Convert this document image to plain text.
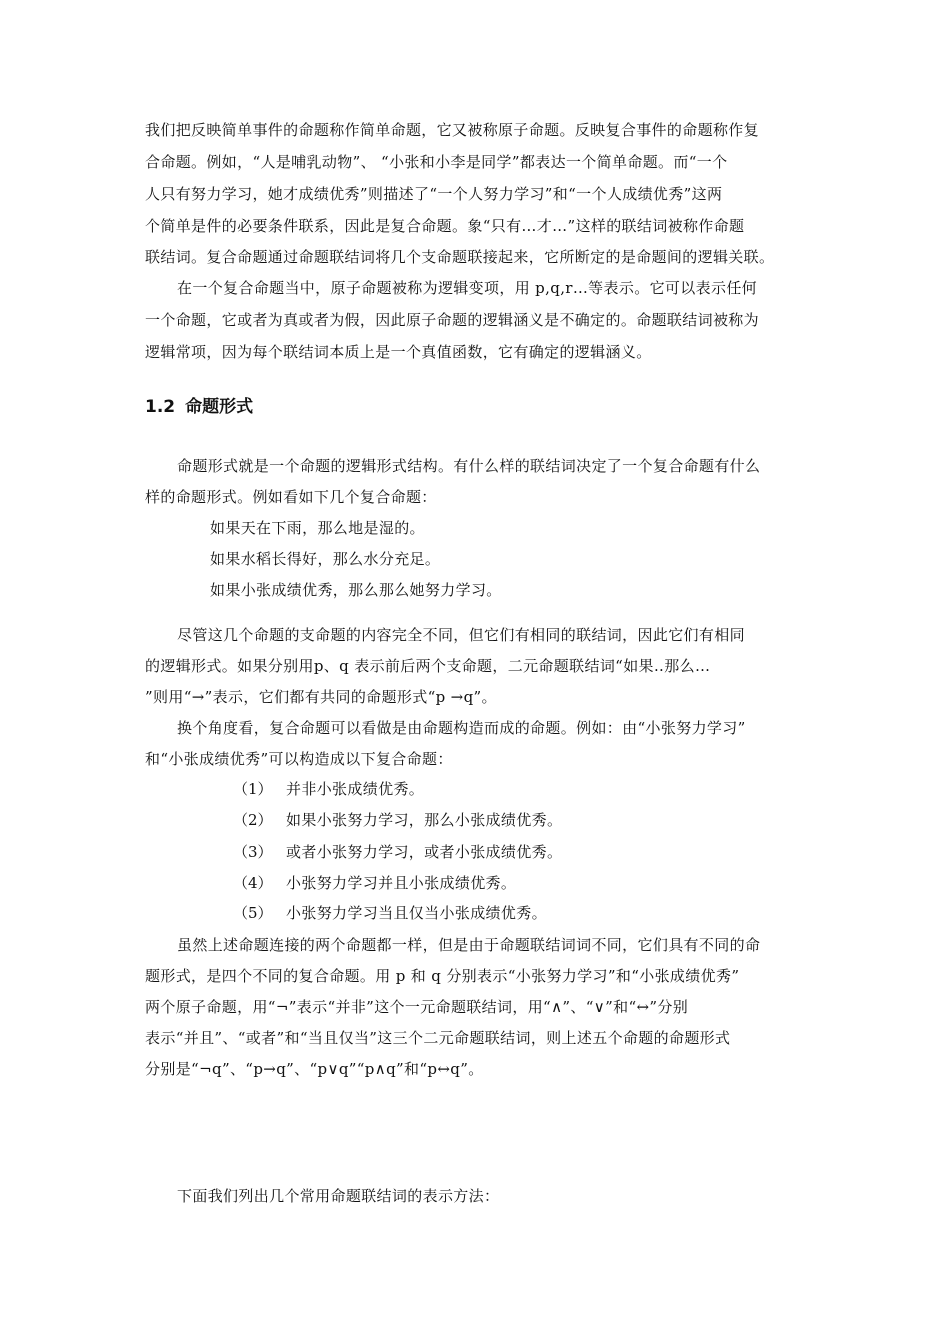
我们把反映简单事件的命题称作简单命题，它又被称原子命题。反映复合事件的命题称作复
合命题。例如，“人是哺乳动物”、 “小张和小李是同学”都表达一个简单命题。而“一个
人只有努力学习，她才成绩优秀”则描述了“一个人努力学习”和“一个人成绩优秀”这两
个简单是件的必要条件联系，因此是复合命题。象“只有…才…”这样的联结词被称作命题
联结词。复合命题通过命题联结词将几个支命题联接起来，它所断定的是命题间的逻辑关联。
在一个复合命题当中，原子命题被称为逻辑变项，用 p,q,r…等表示。它可以表示任何
一个命题，它或者为真或者为假，因此原子命题的逻辑涵义是不确定的。命题联结词被称为
逻辑常项，因为每个联结词本质上是一个真值函数，它有确定的逻辑涵义。
1.2 命题形式
命题形式就是一个命题的逻辑形式结构。有什么样的联结词决定了一个复合命题有什么
样的命题形式。例如看如下几个复合命题：
如果天在下雨，那么地是湿的。
如果水稻长得好，那么水分充足。
如果小张成绩优秀，那么那么她努力学习。
尽管这几个命题的支命题的内容完全不同，但它们有相同的联结词，因此它们有相同
的逻辑形式。如果分别用p、q 表示前后两个支命题，二元命题联结词“如果‥那么…
”则用“→”表示，它们都有共同的命题形式“p →q”。
换个角度看，复合命题可以看做是由命题构造而成的命题。例如：由“小张努力学习”
和“小张成绩优秀”可以构造成以下复合命题：
（1） 并非小张成绩优秀。
（2） 如果小张努力学习，那么小张成绩优秀。
（3） 或者小张努力学习，或者小张成绩优秀。
（4） 小张努力学习并且小张成绩优秀。
（5） 小张努力学习当且仅当小张成绩优秀。
虽然上述命题连接的两个命题都一样，但是由于命题联结词词不同，它们具有不同的命
题形式，是四个不同的复合命题。用 p 和 q 分别表示“小张努力学习”和“小张成绩优秀”
两个原子命题，用“¬”表示“并非”这个一元命题联结词，用“∧”、“∨”和“↔”分别
表示“并且”、“或者”和“当且仅当”这三个二元命题联结词，则上述五个命题的命题形式
分别是“¬q”、“p→q”、“p∨q”“p∧q”和“p↔q”。
下面我们列出几个常用命题联结词的表示方法：
